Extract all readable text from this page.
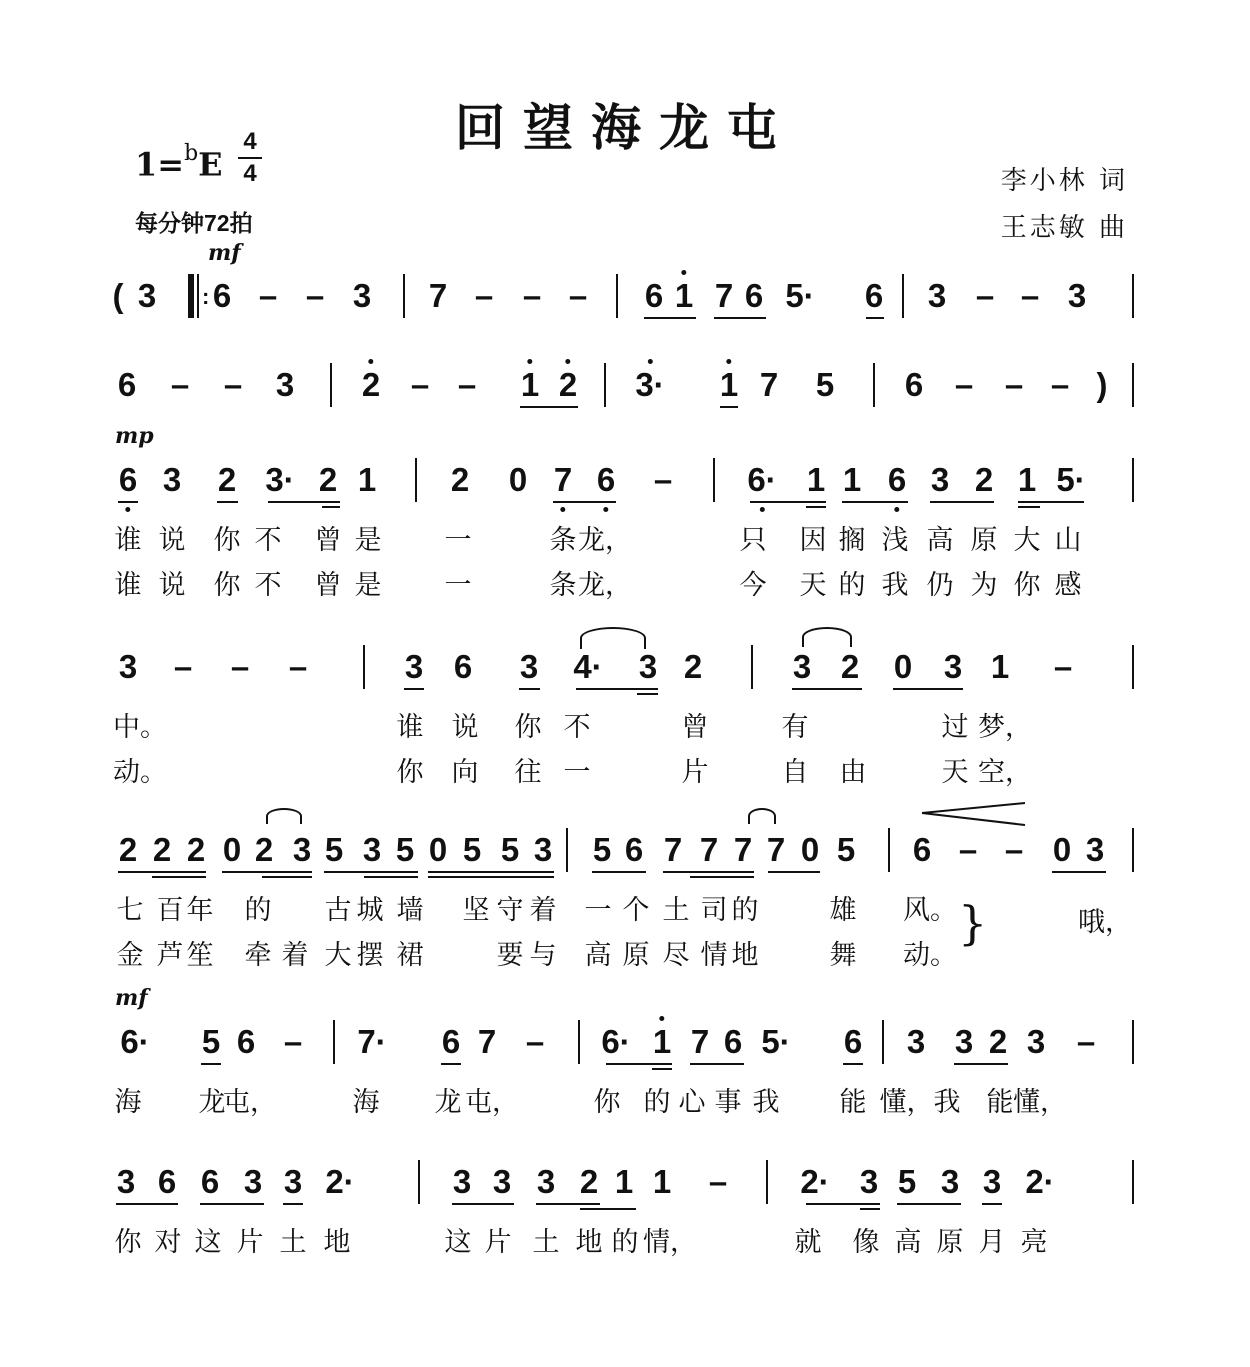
回望海龙屯
1=$^b$E
4
4
每分钟72拍
李小林 词
王志敏 曲
mf
mp
mf
( 3 6 – – 3 7 – – – 6 1 7 6 5· 6 3 – – 3
:
6 – – 3 2 – – 1 2 3· 1 7 5 6 – – – )
6 3 2 3· 2 1 2 0 7 6 – 6· 1 1 6 3 2 1 5·
谁 说 你 不 曾 是 一	条 龙，	只 因 搁 浅 高 原 大 山
谁 说 你 不 曾 是 一	条 龙，	今 天 的 我 仍 为 你 感
3 – – –	3 6 3 4· 3 2	3 2 0 3 1 –
中。	谁 说 你 不	曾	有	过 梦，
动。	你 向 往 一	片	自 由	天 空，
2 2 2 0 2 3 5 3 5 0 5 5 3 5 6 7 7 7 7 0 5 6 – – 0 3
七 百 年 的 古 城 墙 坚 守 着 一 个 土 司 的	雄 风。
金 芦 笙 牵 着 大 摆 裙	要 与 高 原 尽 情 地	舞 动。
6· 5 6 – 7· 6 7 – 6· 1 7 6 5· 6 3 3 2 3 –
海 龙
屯，	海 龙 屯，	你 的 心 事 我 能 懂，我 能 懂，
3 6 6 3 3 2·	3 3 3 2 1 1 – 2· 3 5 3 3 2·
你 对 这 片 土 地	这 片 土 地 的 情，	就 像 高 原 月 亮
}	哦，
